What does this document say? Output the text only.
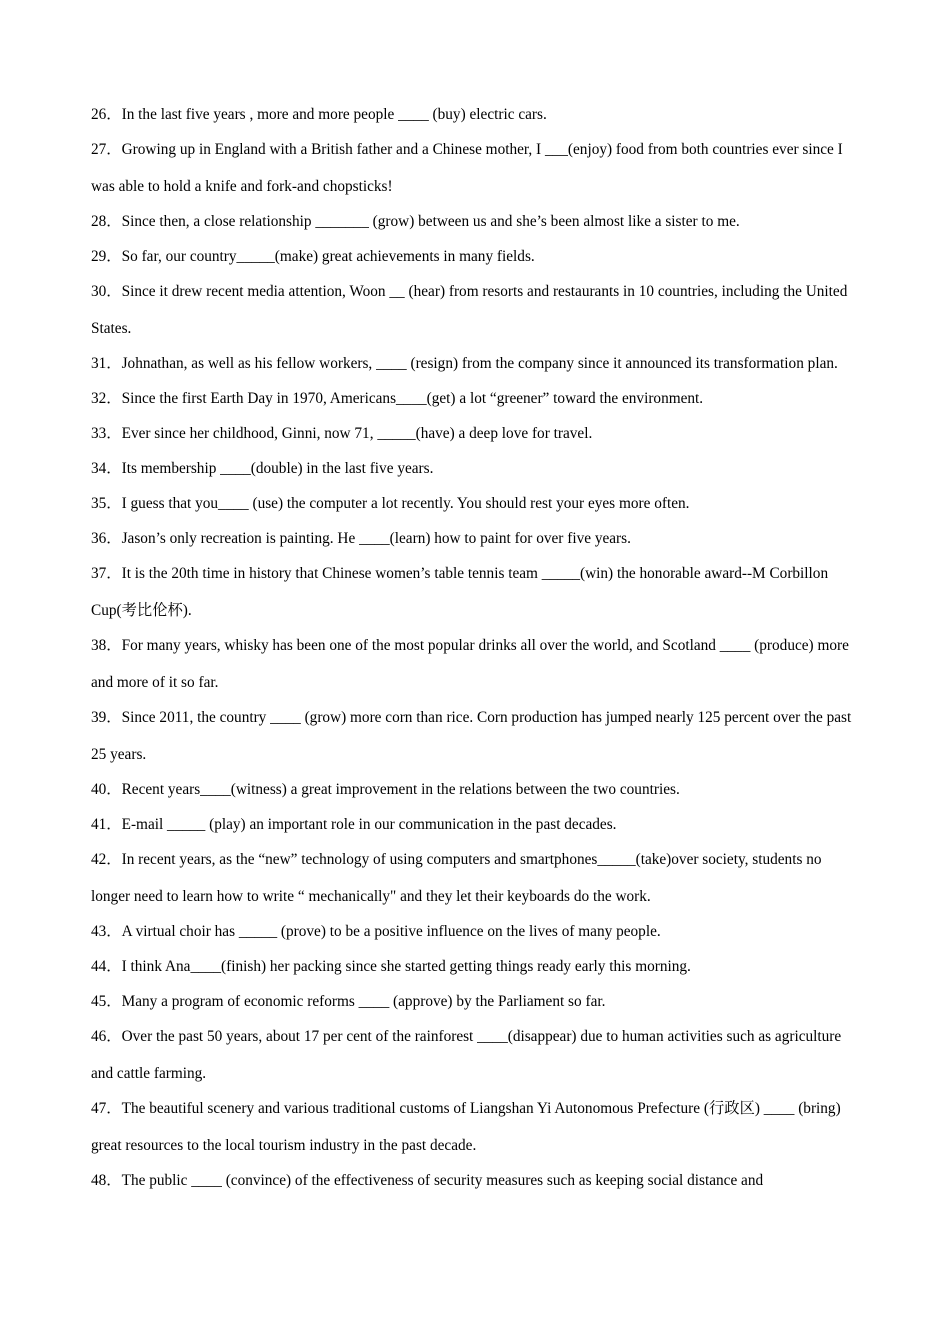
26．In the last five years , more and more people ____ (buy) electric cars.

27．Growing up in England with a British father and a Chinese mother, I ___(enjoy) food from both countries ever since I was able to hold a knife and fork-and chopsticks!

28．Since then, a close relationship _______ (grow) between us and she’s been almost like a sister to me.

29．So far, our country_____(make) great achievements in many fields.

30．Since it drew recent media attention, Woon __ (hear) from resorts and restaurants in 10 countries, including the United States.

31．Johnathan, as well as his fellow workers, ____ (resign) from the company since it announced its transformation plan.

32．Since the first Earth Day in 1970, Americans____(get) a lot “greener” toward the environment.

33．Ever since her childhood, Ginni, now 71, _____(have) a deep love for travel.

34．Its membership ____(double) in the last five years.

35．I guess that you____ (use) the computer a lot recently. You should rest your eyes more often.

36．Jason’s only recreation is painting. He ____(learn) how to paint for over five years.

37．It is the 20th time in history that Chinese women’s table tennis team _____(win) the honorable award--M Corbillon Cup(考比伦杯).

38．For many years, whisky has been one of the most popular drinks all over the world, and Scotland ____ (produce) more and more of it so far.

39．Since 2011, the country ____ (grow) more corn than rice. Corn production has jumped nearly 125 percent over the past 25 years.

40．Recent years____(witness) a great improvement in the relations between the two countries.

41．E-mail _____ (play) an important role in our communication in the past decades.

42．In recent years, as the “new” technology of using computers and smartphones_____(take)over society, students no longer need to learn how to write “ mechanically" and they let their keyboards do the work.

43．A virtual choir has _____ (prove) to be a positive influence on the lives of many people.

44．I think Ana____(finish) her packing since she started getting things ready early this morning.

45．Many a program of economic reforms ____ (approve) by the Parliament so far.

46．Over the past 50 years, about 17 per cent of the rainforest ____(disappear) due to human activities such as agriculture and cattle farming.

47．The beautiful scenery and various traditional customs of Liangshan Yi Autonomous Prefecture (行政区) ____ (bring) great resources to the local tourism industry in the past decade.

48．The public ____ (convince) of the effectiveness of security measures such as keeping social distance and
